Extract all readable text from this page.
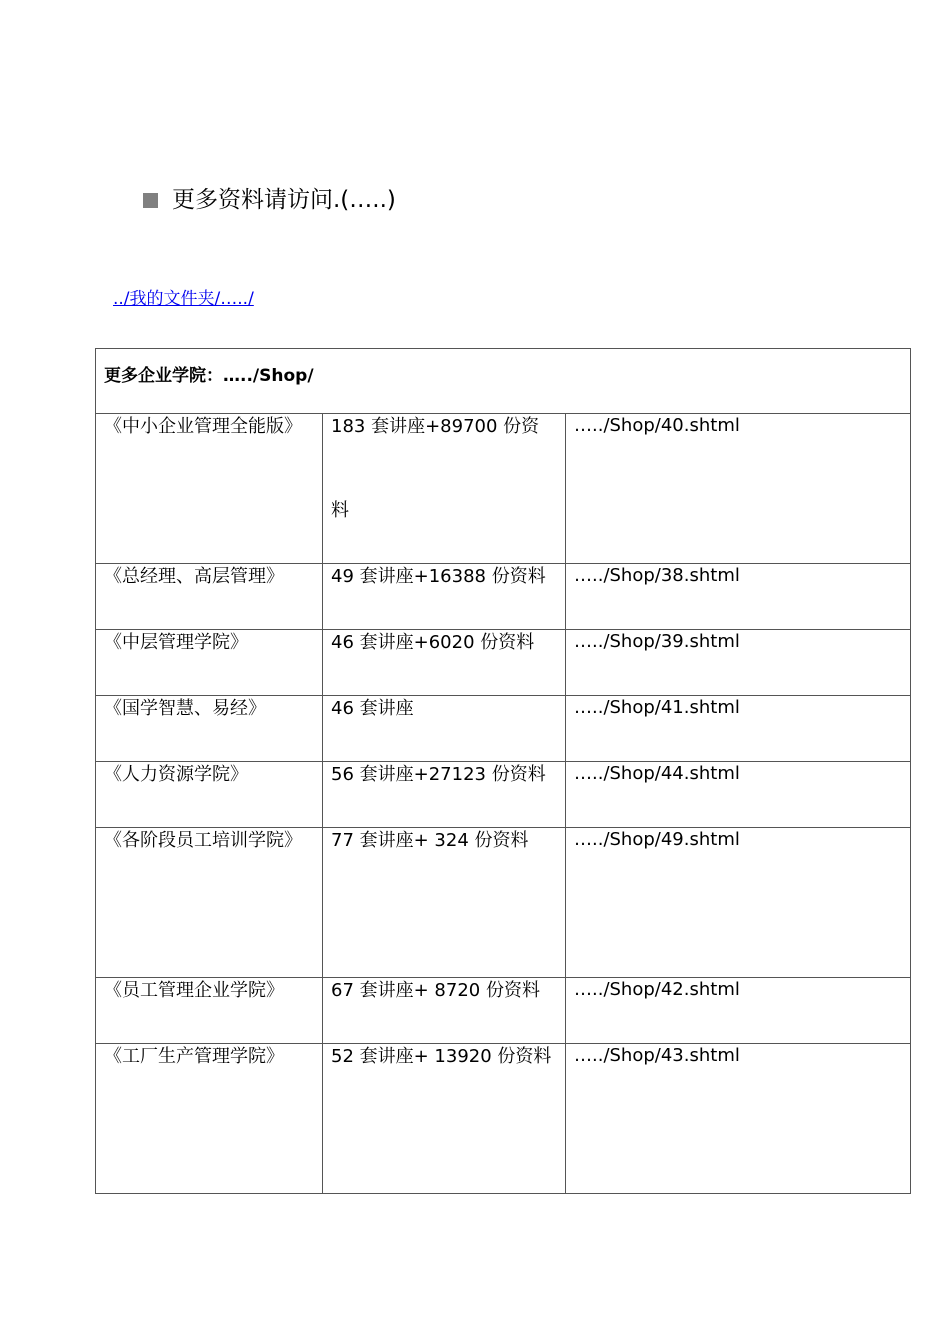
更多资料请访问.(…..)
../我的文件夹/…../
更多企业学院：…../Shop/		

《中小企业管理全能版》	183 套讲座+89700 份资料	…../Shop/40.shtml

《总经理、高层管理》	49 套讲座+16388 份资料	…../Shop/38.shtml

《中层管理学院》	46 套讲座+6020 份资料	…../Shop/39.shtml

《国学智慧、易经》	46 套讲座	…../Shop/41.shtml

《人力资源学院》	56 套讲座+27123 份资料	…../Shop/44.shtml

《各阶段员工培训学院》	77 套讲座+ 324 份资料	…../Shop/49.shtml

《员工管理企业学院》	67 套讲座+ 8720 份资料	…../Shop/42.shtml

《工厂生产管理学院》	52 套讲座+ 13920 份资料	…../Shop/43.shtml
